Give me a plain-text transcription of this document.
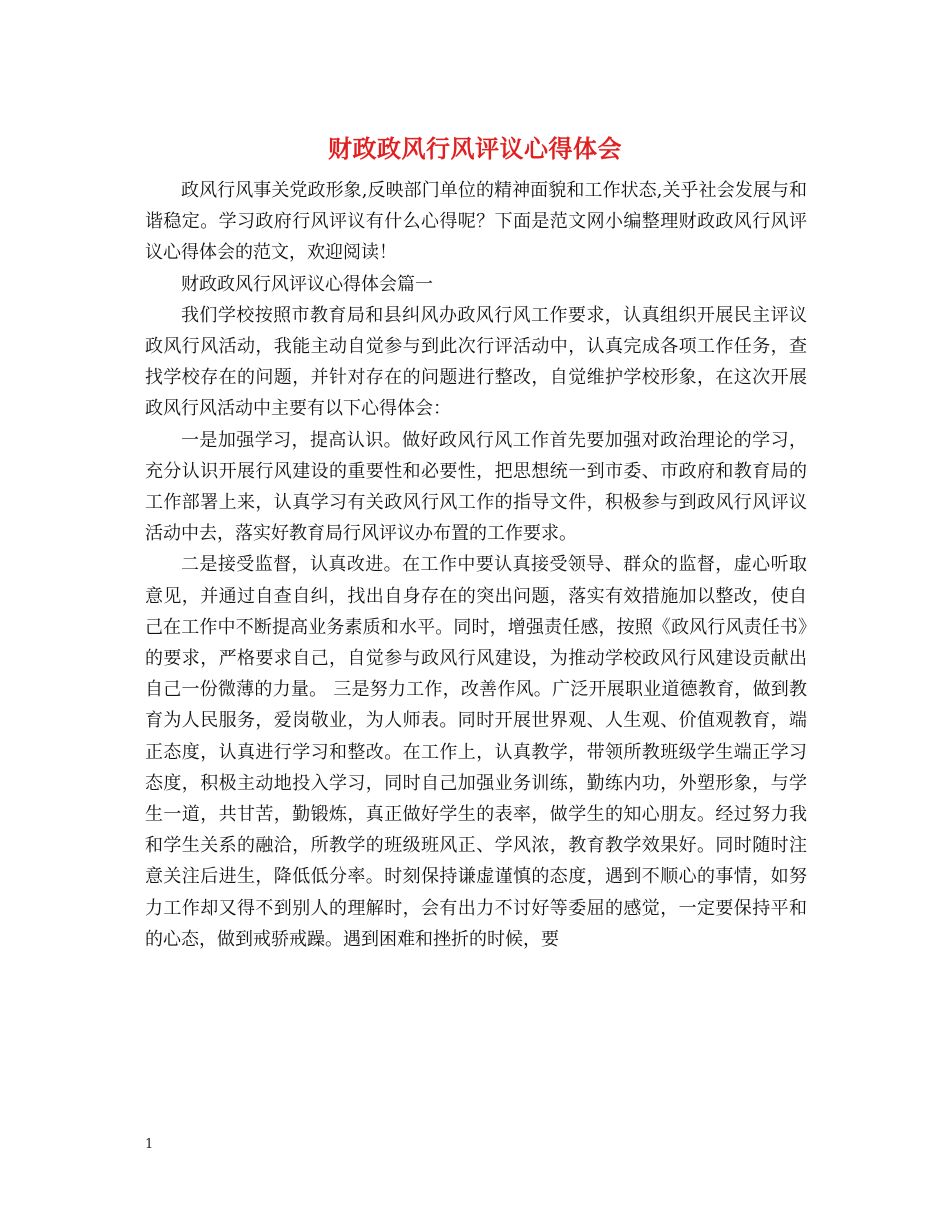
财政政风行风评议心得体会

政风行风事关党政形象,反映部门单位的精神面貌和工作状态,关乎社会发展与和谐稳定。学习政府行风评议有什么心得呢？下面是范文网小编整理财政政风行风评议心得体会的范文，欢迎阅读！

财政政风行风评议心得体会篇一

我们学校按照市教育局和县纠风办政风行风工作要求，认真组织开展民主评议政风行风活动，我能主动自觉参与到此次行评活动中，认真完成各项工作任务，查找学校存在的问题，并针对存在的问题进行整改，自觉维护学校形象，在这次开展政风行风活动中主要有以下心得体会：

一是加强学习，提高认识。做好政风行风工作首先要加强对政治理论的学习，充分认识开展行风建设的重要性和必要性，把思想统一到市委、市政府和教育局的工作部署上来，认真学习有关政风行风工作的指导文件，积极参与到政风行风评议活动中去，落实好教育局行风评议办布置的工作要求。

二是接受监督，认真改进。在工作中要认真接受领导、群众的监督，虚心听取意见，并通过自查自纠，找出自身存在的突出问题，落实有效措施加以整改，使自己在工作中不断提高业务素质和水平。同时，增强责任感，按照《政风行风责任书》的要求，严格要求自己，自觉参与政风行风建设，为推动学校政风行风建设贡献出自己一份微薄的力量。 三是努力工作，改善作风。广泛开展职业道德教育，做到教育为人民服务，爱岗敬业，为人师表。同时开展世界观、人生观、价值观教育，端正态度，认真进行学习和整改。在工作上，认真教学，带领所教班级学生端正学习态度，积极主动地投入学习，同时自己加强业务训练，勤练内功，外塑形象，与学生一道，共甘苦，勤锻炼，真正做好学生的表率，做学生的知心朋友。经过努力我和学生关系的融洽，所教学的班级班风正、学风浓，教育教学效果好。同时随时注意关注后进生，降低低分率。时刻保持谦虚谨慎的态度，遇到不顺心的事情，如努力工作却又得不到别人的理解时，会有出力不讨好等委屈的感觉，一定要保持平和的心态，做到戒骄戒躁。遇到困难和挫折的时候，要

1
